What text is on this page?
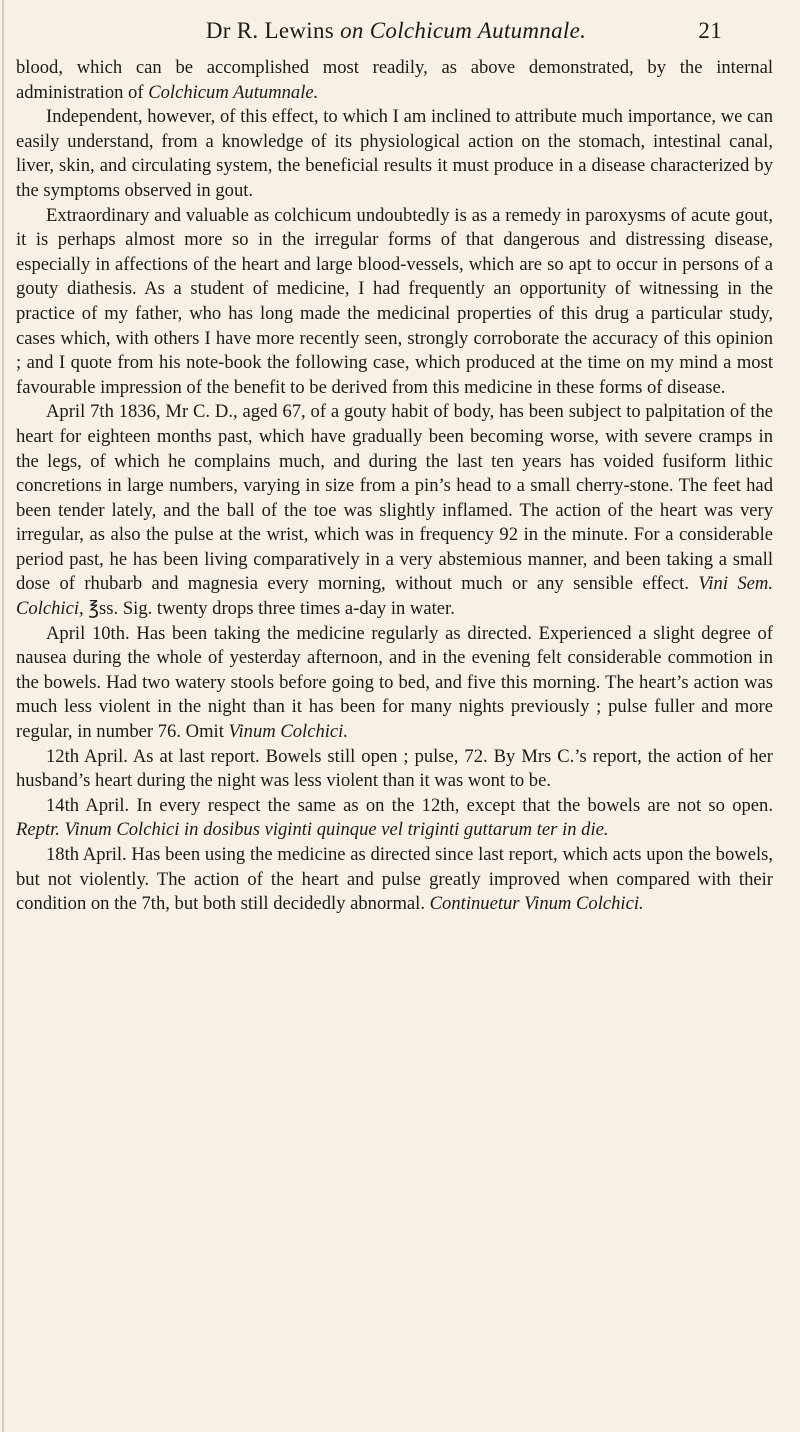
Dr R. Lewins on Colchicum Autumnale.	21

blood, which can be accomplished most readily, as above demonstrated, by the internal administration of Colchicum Autumnale.

Independent, however, of this effect, to which I am inclined to attribute much importance, we can easily understand, from a knowledge of its physiological action on the stomach, intestinal canal, liver, skin, and circulating system, the beneficial results it must produce in a disease characterized by the symptoms observed in gout.

Extraordinary and valuable as colchicum undoubtedly is as a remedy in paroxysms of acute gout, it is perhaps almost more so in the irregular forms of that dangerous and distressing disease, especially in affections of the heart and large blood-vessels, which are so apt to occur in persons of a gouty diathesis. As a student of medicine, I had frequently an opportunity of witnessing in the practice of my father, who has long made the medicinal properties of this drug a particular study, cases which, with others I have more recently seen, strongly corroborate the accuracy of this opinion ; and I quote from his note-book the following case, which produced at the time on my mind a most favourable impression of the benefit to be derived from this medicine in these forms of disease.

April 7th 1836, Mr C. D., aged 67, of a gouty habit of body, has been subject to palpitation of the heart for eighteen months past, which have gradually been becoming worse, with severe cramps in the legs, of which he complains much, and during the last ten years has voided fusiform lithic concretions in large numbers, varying in size from a pin’s head to a small cherry-stone. The feet had been tender lately, and the ball of the toe was slightly inflamed. The action of the heart was very irregular, as also the pulse at the wrist, which was in frequency 92 in the minute. For a considerable period past, he has been living comparatively in a very abstemious manner, and been taking a small dose of rhubarb and magnesia every morning, without much or any sensible effect. Vini Sem. Colchici, ℥ss. Sig. twenty drops three times a-day in water.

April 10th. Has been taking the medicine regularly as directed. Experienced a slight degree of nausea during the whole of yesterday afternoon, and in the evening felt considerable commotion in the bowels. Had two watery stools before going to bed, and five this morning. The heart’s action was much less violent in the night than it has been for many nights previously ; pulse fuller and more regular, in number 76. Omit Vinum Colchici.

12th April. As at last report. Bowels still open ; pulse, 72. By Mrs C.’s report, the action of her husband’s heart during the night was less violent than it was wont to be.

14th April. In every respect the same as on the 12th, except that the bowels are not so open. Reptr. Vinum Colchici in dosibus viginti quinque vel triginti guttarum ter in die.

18th April. Has been using the medicine as directed since last report, which acts upon the bowels, but not violently. The action of the heart and pulse greatly improved when compared with their condition on the 7th, but both still decidedly abnormal. Continuetur Vinum Colchici.
